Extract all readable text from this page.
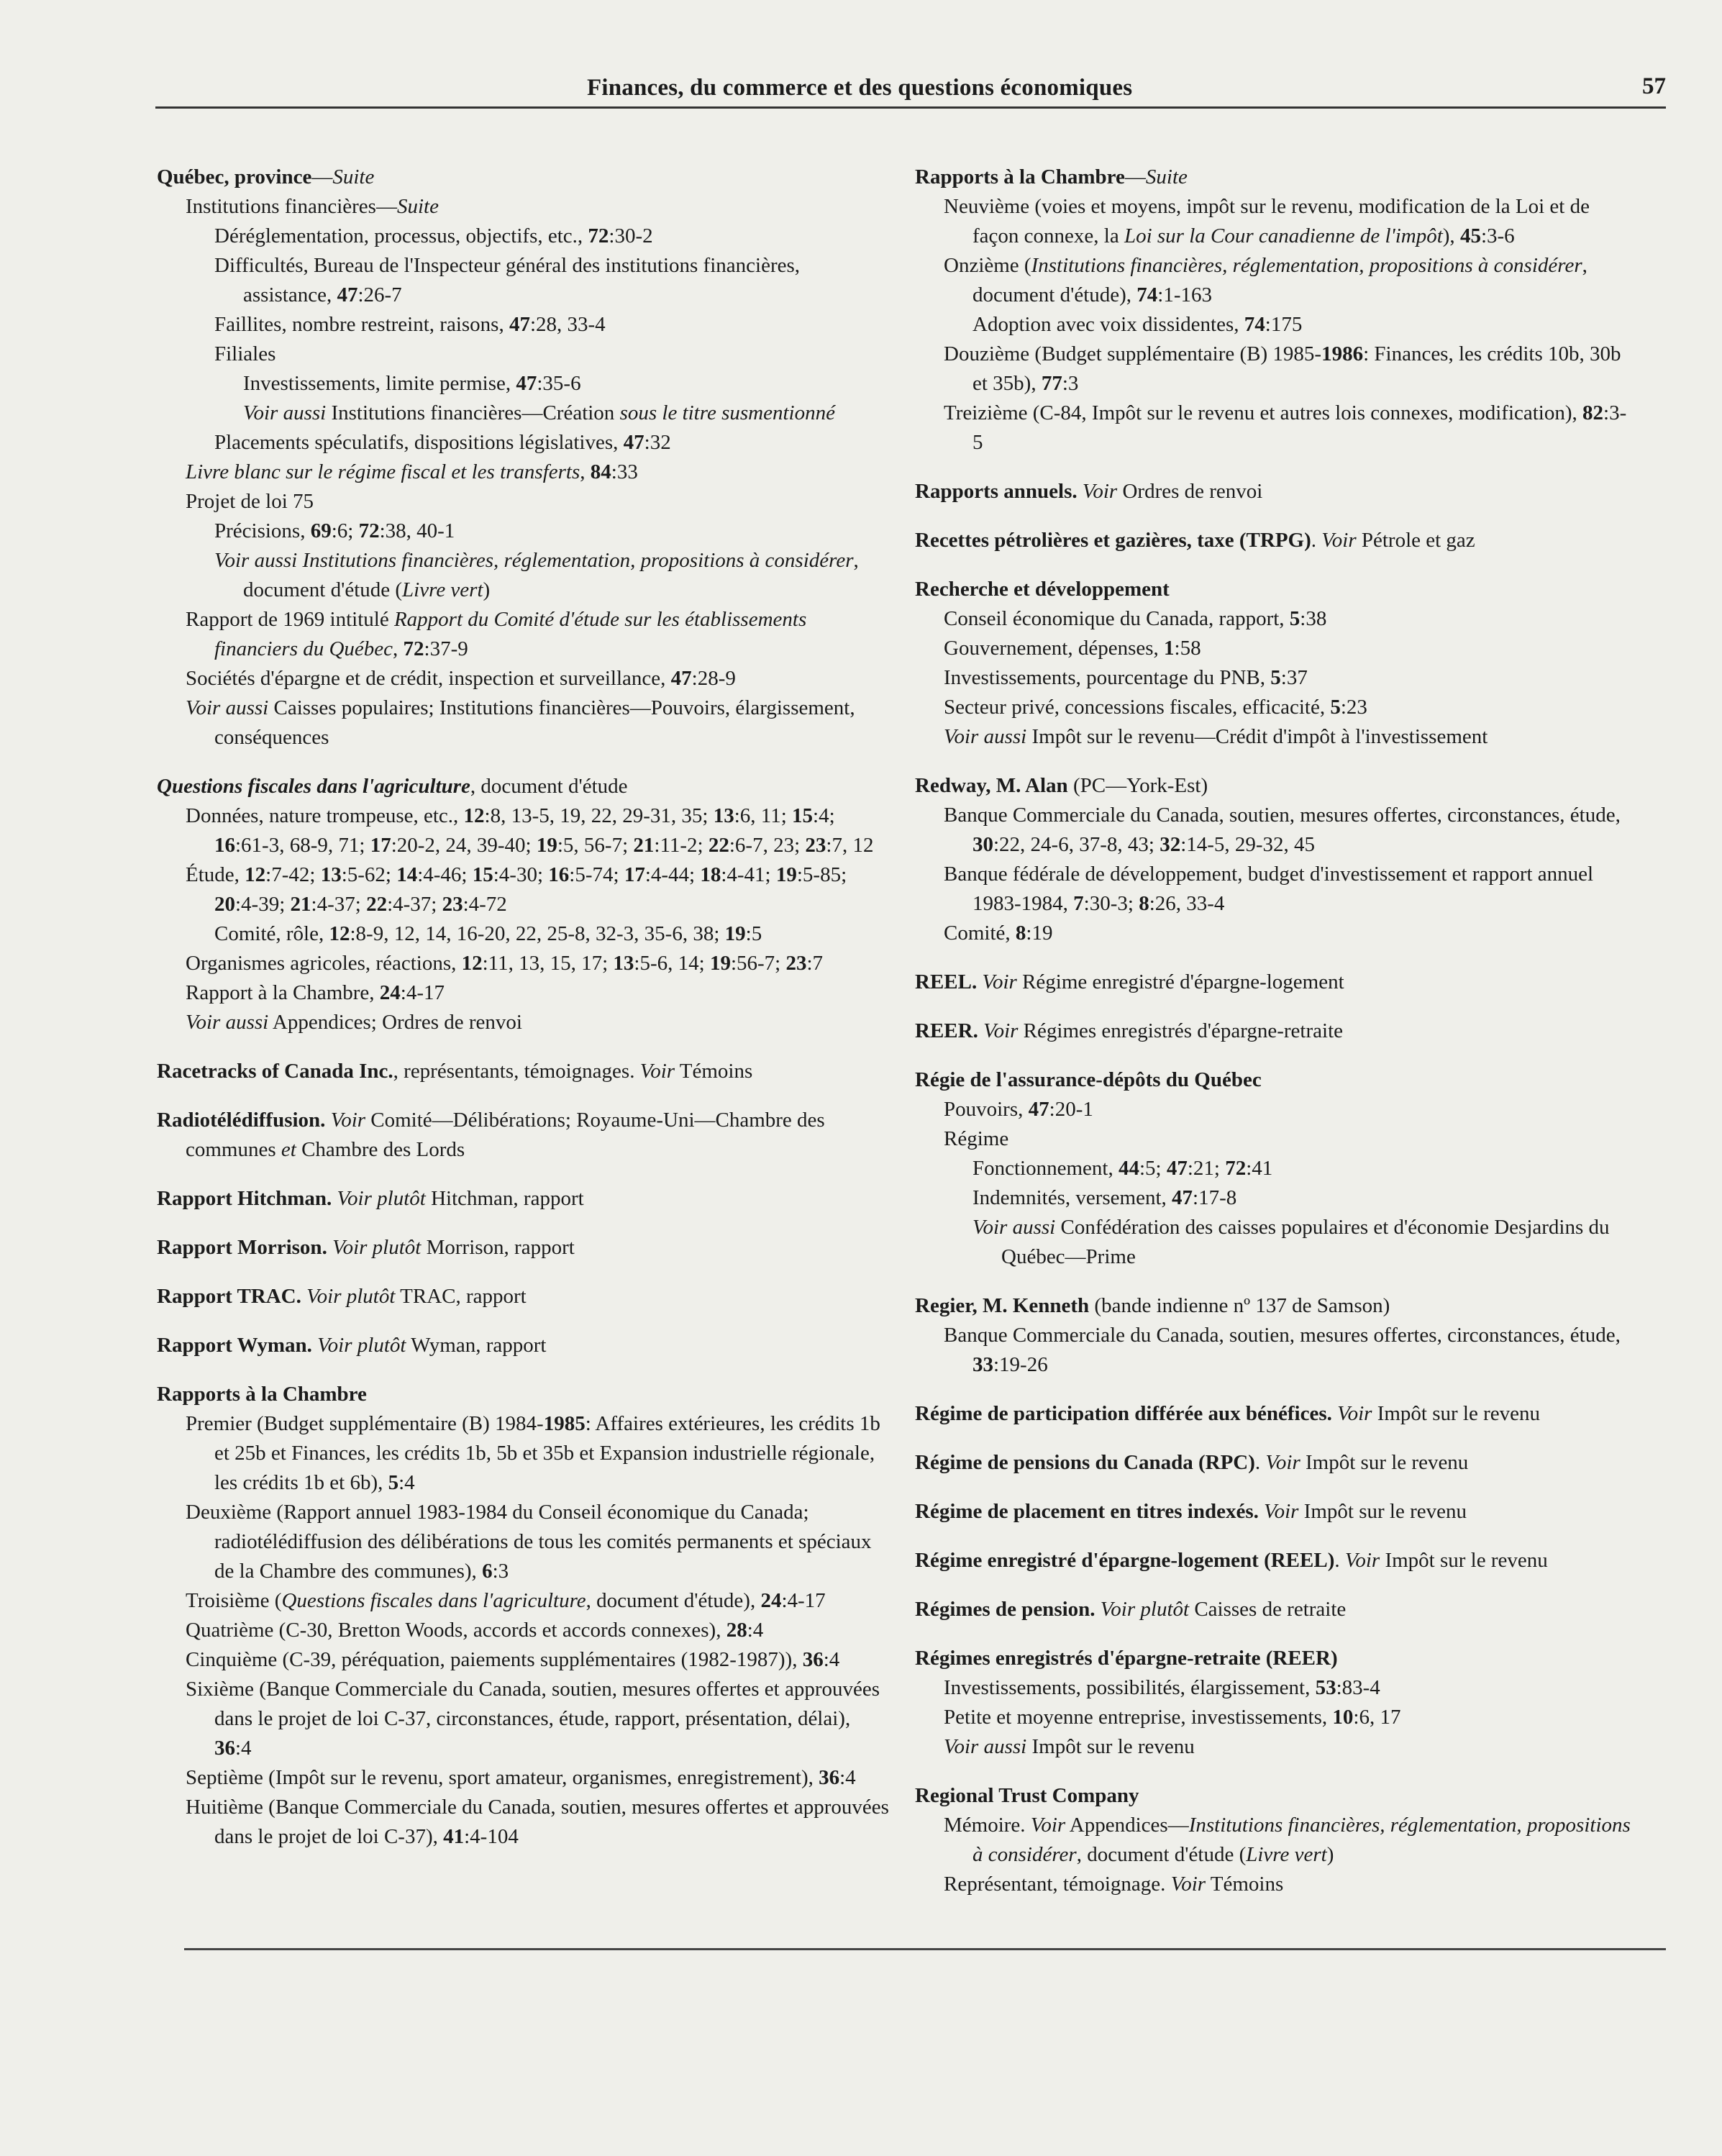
Finances, du commerce et des questions économiques	57
Québec, province—Suite
Institutions financières—Suite
Déréglementation, processus, objectifs, etc., 72:30-2
Difficultés, Bureau de l'Inspecteur général des institutions financières, assistance, 47:26-7
Faillites, nombre restreint, raisons, 47:28, 33-4
Filiales
Investissements, limite permise, 47:35-6
Voir aussi Institutions financières—Création sous le titre susmentionné
Placements spéculatifs, dispositions législatives, 47:32
Livre blanc sur le régime fiscal et les transferts, 84:33
Projet de loi 75
Précisions, 69:6; 72:38, 40-1
Voir aussi Institutions financières, réglementation, propositions à considérer, document d'étude (Livre vert)
Rapport de 1969 intitulé Rapport du Comité d'étude sur les établissements financiers du Québec, 72:37-9
Sociétés d'épargne et de crédit, inspection et surveillance, 47:28-9
Voir aussi Caisses populaires; Institutions financières—Pouvoirs, élargissement, conséquences
Questions fiscales dans l'agriculture, document d'étude
Données, nature trompeuse, etc., 12:8, 13-5, 19, 22, 29-31, 35; 13:6, 11; 15:4; 16:61-3, 68-9, 71; 17:20-2, 24, 39-40; 19:5, 56-7; 21:11-2; 22:6-7, 23; 23:7, 12
Étude, 12:7-42; 13:5-62; 14:4-46; 15:4-30; 16:5-74; 17:4-44; 18:4-41; 19:5-85; 20:4-39; 21:4-37; 22:4-37; 23:4-72
Comité, rôle, 12:8-9, 12, 14, 16-20, 22, 25-8, 32-3, 35-6, 38; 19:5
Organismes agricoles, réactions, 12:11, 13, 15, 17; 13:5-6, 14; 19:56-7; 23:7
Rapport à la Chambre, 24:4-17
Voir aussi Appendices; Ordres de renvoi
Racetracks of Canada Inc., représentants, témoignages. Voir Témoins
Radiotélédiffusion. Voir Comité—Délibérations; Royaume-Uni—Chambre des communes et Chambre des Lords
Rapport Hitchman. Voir plutôt Hitchman, rapport
Rapport Morrison. Voir plutôt Morrison, rapport
Rapport TRAC. Voir plutôt TRAC, rapport
Rapport Wyman. Voir plutôt Wyman, rapport
Rapports à la Chambre
Premier (Budget supplémentaire (B) 1984-1985: Affaires extérieures, les crédits 1b et 25b et Finances, les crédits 1b, 5b et 35b et Expansion industrielle régionale, les crédits 1b et 6b), 5:4
Deuxième (Rapport annuel 1983-1984 du Conseil économique du Canada; radiotélédiffusion des délibérations de tous les comités permanents et spéciaux de la Chambre des communes), 6:3
Troisième (Questions fiscales dans l'agriculture, document d'étude), 24:4-17
Quatrième (C-30, Bretton Woods, accords et accords connexes), 28:4
Cinquième (C-39, péréquation, paiements supplémentaires (1982-1987)), 36:4
Sixième (Banque Commerciale du Canada, soutien, mesures offertes et approuvées dans le projet de loi C-37, circonstances, étude, rapport, présentation, délai), 36:4
Septième (Impôt sur le revenu, sport amateur, organismes, enregistrement), 36:4
Huitième (Banque Commerciale du Canada, soutien, mesures offertes et approuvées dans le projet de loi C-37), 41:4-104
Rapports à la Chambre—Suite
Neuvième (voies et moyens, impôt sur le revenu, modification de la Loi et de façon connexe, la Loi sur la Cour canadienne de l'impôt), 45:3-6
Onzième (Institutions financières, réglementation, propositions à considérer, document d'étude), 74:1-163
Adoption avec voix dissidentes, 74:175
Douzième (Budget supplémentaire (B) 1985-1986: Finances, les crédits 10b, 30b et 35b), 77:3
Treizième (C-84, Impôt sur le revenu et autres lois connexes, modification), 82:3-5
Rapports annuels. Voir Ordres de renvoi
Recettes pétrolières et gazières, taxe (TRPG). Voir Pétrole et gaz
Recherche et développement
Conseil économique du Canada, rapport, 5:38
Gouvernement, dépenses, 1:58
Investissements, pourcentage du PNB, 5:37
Secteur privé, concessions fiscales, efficacité, 5:23
Voir aussi Impôt sur le revenu—Crédit d'impôt à l'investissement
Redway, M. Alan (PC—York-Est)
Banque Commerciale du Canada, soutien, mesures offertes, circonstances, étude, 30:22, 24-6, 37-8, 43; 32:14-5, 29-32, 45
Banque fédérale de développement, budget d'investissement et rapport annuel 1983-1984, 7:30-3; 8:26, 33-4
Comité, 8:19
REEL. Voir Régime enregistré d'épargne-logement
REER. Voir Régimes enregistrés d'épargne-retraite
Régie de l'assurance-dépôts du Québec
Pouvoirs, 47:20-1
Régime
Fonctionnement, 44:5; 47:21; 72:41
Indemnités, versement, 47:17-8
Voir aussi Confédération des caisses populaires et d'économie Desjardins du Québec—Prime
Regier, M. Kenneth (bande indienne nº 137 de Samson)
Banque Commerciale du Canada, soutien, mesures offertes, circonstances, étude, 33:19-26
Régime de participation différée aux bénéfices. Voir Impôt sur le revenu
Régime de pensions du Canada (RPC). Voir Impôt sur le revenu
Régime de placement en titres indexés. Voir Impôt sur le revenu
Régime enregistré d'épargne-logement (REEL). Voir Impôt sur le revenu
Régimes de pension. Voir plutôt Caisses de retraite
Régimes enregistrés d'épargne-retraite (REER)
Investissements, possibilités, élargissement, 53:83-4
Petite et moyenne entreprise, investissements, 10:6, 17
Voir aussi Impôt sur le revenu
Regional Trust Company
Mémoire. Voir Appendices—Institutions financières, réglementation, propositions à considérer, document d'étude (Livre vert)
Représentant, témoignage. Voir Témoins
